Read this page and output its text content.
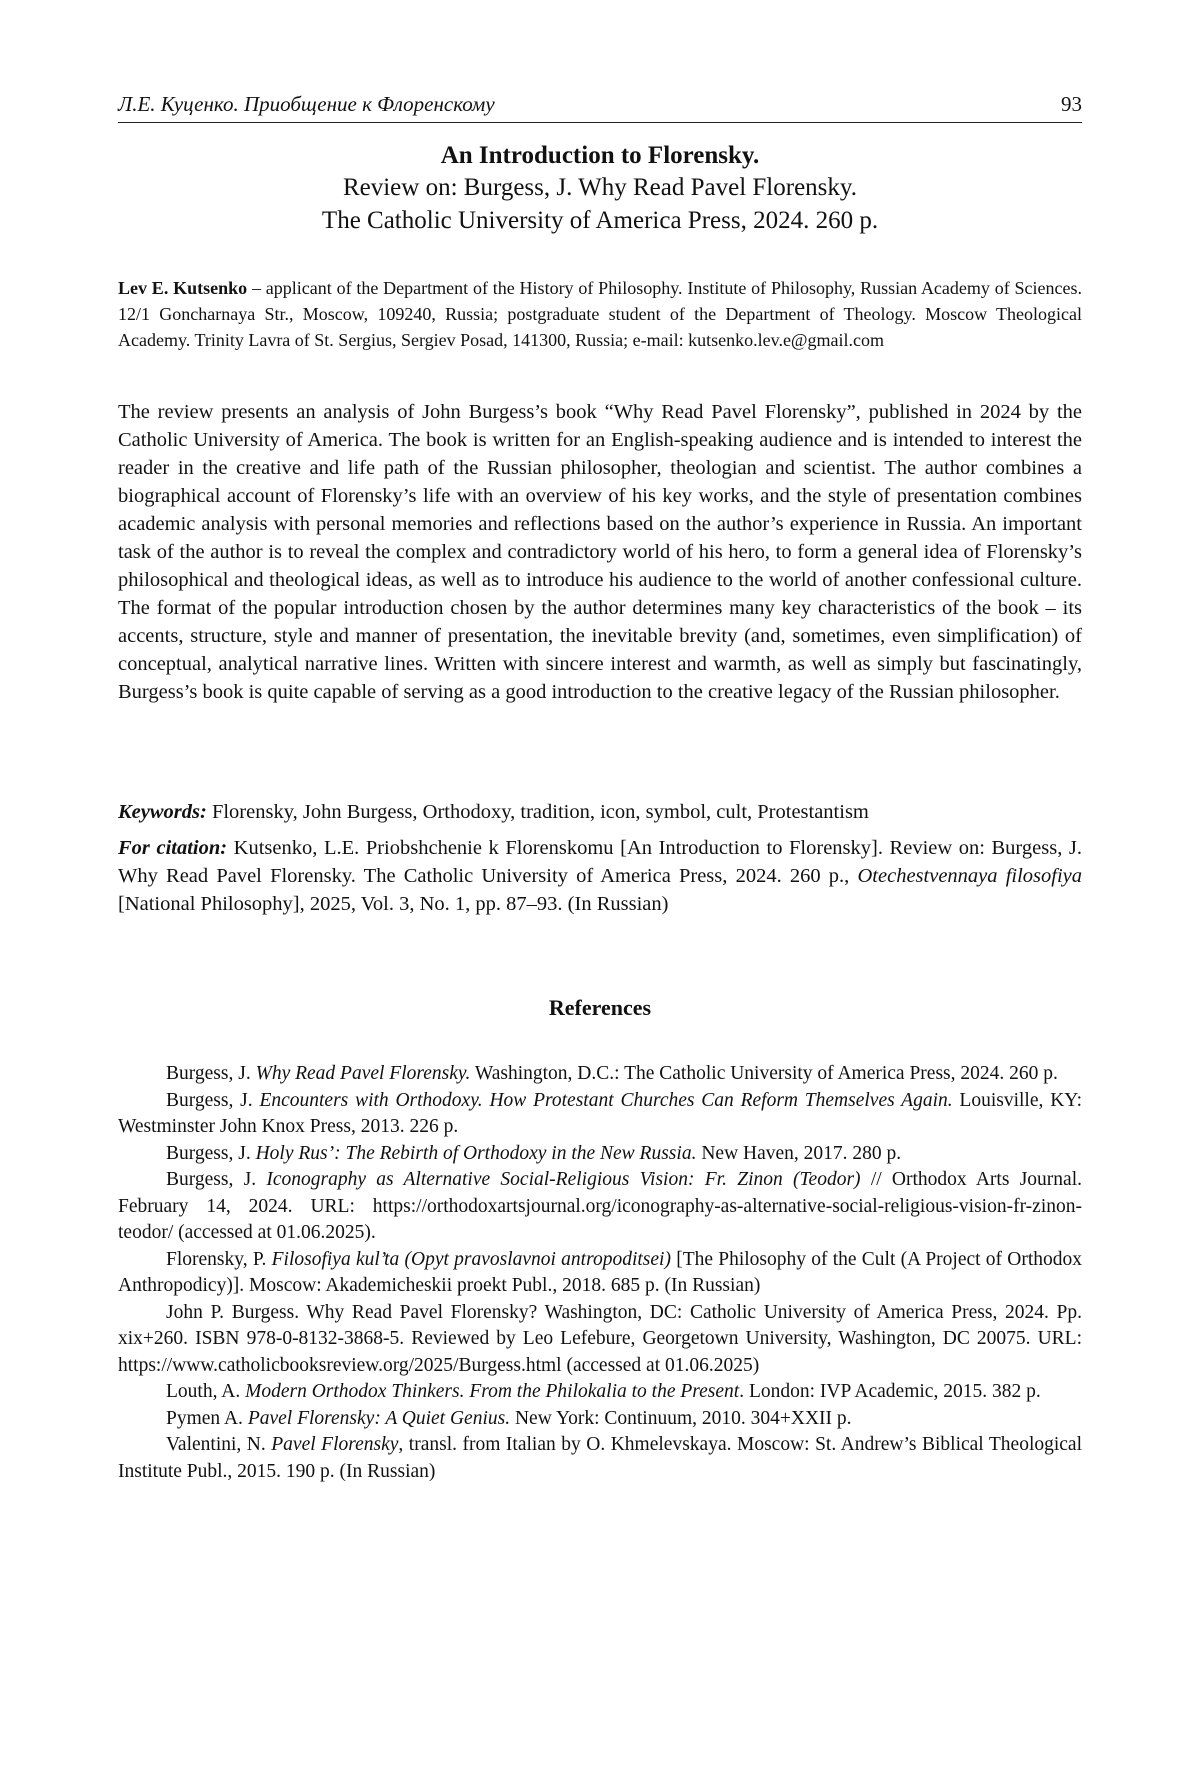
Л.Е. Куценко. Приобщение к Флоренскому	93
An Introduction to Florensky.
Review on: Burgess, J. Why Read Pavel Florensky.
The Catholic University of America Press, 2024. 260 p.
Lev E. Kutsenko – applicant of the Department of the History of Philosophy. Institute of Philosophy, Russian Academy of Sciences. 12/1 Goncharnaya Str., Moscow, 109240, Russia; postgraduate student of the Department of Theology. Moscow Theological Academy. Trinity Lavra of St. Sergius, Sergiev Posad, 141300, Russia; e-mail: kutsenko.lev.e@gmail.com
The review presents an analysis of John Burgess’s book “Why Read Pavel Florensky”, published in 2024 by the Catholic University of America. The book is written for an English-speaking audience and is intended to interest the reader in the creative and life path of the Russian philosopher, theologian and scientist. The author combines a biographical account of Florensky’s life with an overview of his key works, and the style of presentation combines academic analysis with personal memories and reflections based on the author’s experience in Russia. An important task of the author is to reveal the complex and contradictory world of his hero, to form a general idea of Florensky’s philosophical and theological ideas, as well as to introduce his audience to the world of another confessional culture. The format of the popular introduction chosen by the author determines many key characteristics of the book – its accents, structure, style and manner of presentation, the inevitable brevity (and, sometimes, even simplification) of conceptual, analytical narrative lines. Written with sincere interest and warmth, as well as simply but fascinatingly, Burgess’s book is quite capable of serving as a good introduction to the creative legacy of the Russian philosopher.
Keywords: Florensky, John Burgess, Orthodoxy, tradition, icon, symbol, cult, Protestantism
For citation: Kutsenko, L.E. Priobshchenie k Florenskomu [An Introduction to Florensky]. Review on: Burgess, J. Why Read Pavel Florensky. The Catholic University of America Press, 2024. 260 p., Otechestvennaya filosofiya [National Philosophy], 2025, Vol. 3, No. 1, pp. 87–93. (In Russian)
References

Burgess, J. Why Read Pavel Florensky. Washington, D.C.: The Catholic University of America Press, 2024. 260 p.

Burgess, J. Encounters with Orthodoxy. How Protestant Churches Can Reform Themselves Again. Louisville, KY: Westminster John Knox Press, 2013. 226 p.

Burgess, J. Holy Rus’: The Rebirth of Orthodoxy in the New Russia. New Haven, 2017. 280 p.

Burgess, J. Iconography as Alternative Social-Religious Vision: Fr. Zinon (Teodor) // Orthodox Arts Journal. February 14, 2024. URL: https://orthodoxartsjournal.org/iconography-as-alternative-social-religious-vision-fr-zinon-teodor/ (accessed at 01.06.2025).

Florensky, P. Filosofiya kul’ta (Opyt pravoslavnoi antropoditsei) [The Philosophy of the Cult (A Project of Orthodox Anthropodicy)]. Moscow: Akademicheskii proekt Publ., 2018. 685 p. (In Russian)

John P. Burgess. Why Read Pavel Florensky? Washington, DC: Catholic University of America Press, 2024. Pp. xix+260. ISBN 978-0-8132-3868-5. Reviewed by Leo Lefebure, Georgetown University, Washington, DC 20075. URL: https://www.catholicbooksreview.org/2025/Burgess.html (accessed at 01.06.2025)

Louth, A. Modern Orthodox Thinkers. From the Philokalia to the Present. London: IVP Academic, 2015. 382 p.

Pymen A. Pavel Florensky: A Quiet Genius. New York: Continuum, 2010. 304+XXII p.

Valentini, N. Pavel Florensky, transl. from Italian by O. Khmelevskaya. Moscow: St. Andrew’s Biblical Theological Institute Publ., 2015. 190 p. (In Russian)
